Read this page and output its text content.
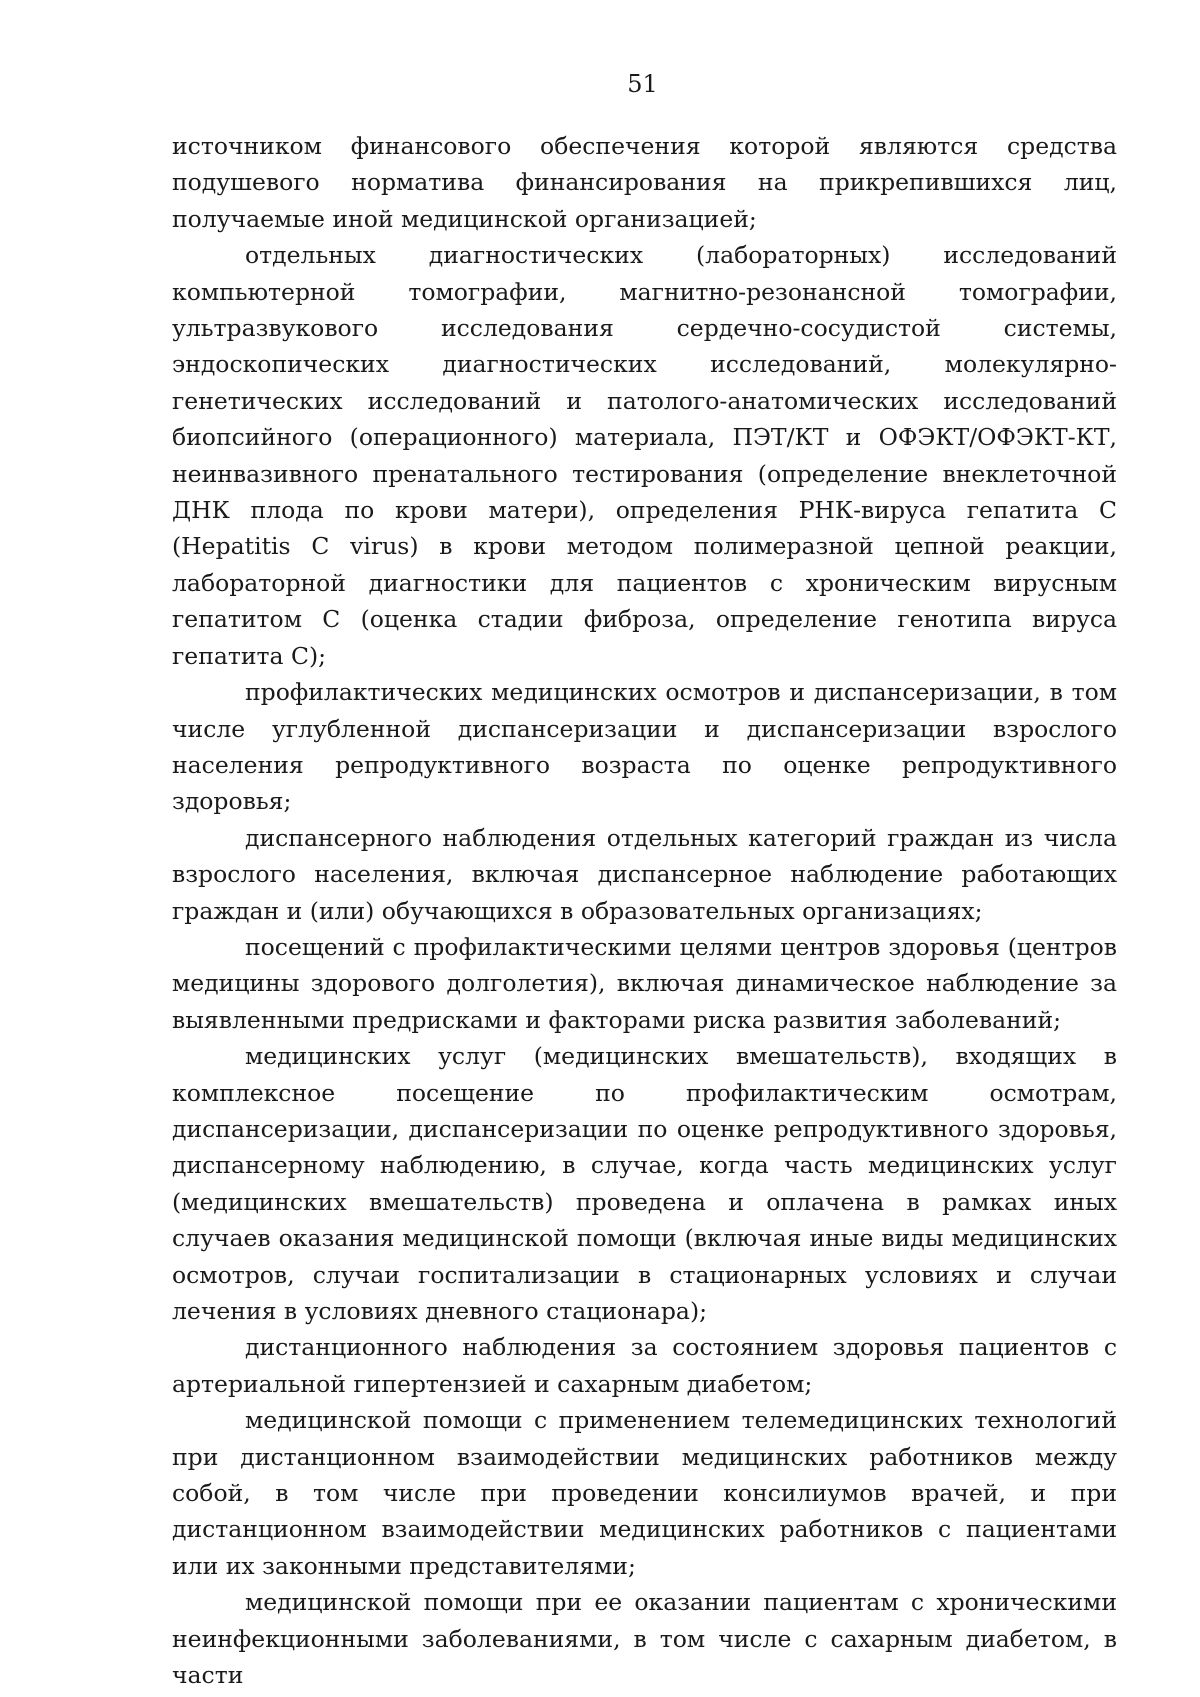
51

источником финансового обеспечения которой являются средства подушевого норматива финансирования на прикрепившихся лиц, получаемые иной медицинской организацией;

отдельных диагностических (лабораторных) исследований компьютерной томографии, магнитно-резонансной томографии, ультразвукового исследования сердечно-сосудистой системы, эндоскопических диагностических исследований, молекулярно-генетических исследований и патолого-анатомических исследований биопсийного (операционного) материала, ПЭТ/КТ и ОФЭКТ/ОФЭКТ-КТ, неинвазивного пренатального тестирования (определение внеклеточной ДНК плода по крови матери), определения РНК-вируса гепатита С (Hepatitis C virus) в крови методом полимеразной цепной реакции, лабораторной диагностики для пациентов с хроническим вирусным гепатитом С (оценка стадии фиброза, определение генотипа вируса гепатита С);

профилактических медицинских осмотров и диспансеризации, в том числе углубленной диспансеризации и диспансеризации взрослого населения репродуктивного возраста по оценке репродуктивного здоровья;

диспансерного наблюдения отдельных категорий граждан из числа взрослого населения, включая диспансерное наблюдение работающих граждан и (или) обучающихся в образовательных организациях;

посещений с профилактическими целями центров здоровья (центров медицины здорового долголетия), включая динамическое наблюдение за выявленными предрисками и факторами риска развития заболеваний;

медицинских услуг (медицинских вмешательств), входящих в комплексное посещение по профилактическим осмотрам, диспансеризации, диспансеризации по оценке репродуктивного здоровья, диспансерному наблюдению, в случае, когда часть медицинских услуг (медицинских вмешательств) проведена и оплачена в рамках иных случаев оказания медицинской помощи (включая иные виды медицинских осмотров, случаи госпитализации в стационарных условиях и случаи лечения в условиях дневного стационара);

дистанционного наблюдения за состоянием здоровья пациентов с артериальной гипертензией и сахарным диабетом;

медицинской помощи с применением телемедицинских технологий при дистанционном взаимодействии медицинских работников между собой, в том числе при проведении консилиумов врачей, и при дистанционном взаимодействии медицинских работников с пациентами или их законными представителями;

медицинской помощи при ее оказании пациентам с хроническими неинфекционными заболеваниями, в том числе с сахарным диабетом, в части
